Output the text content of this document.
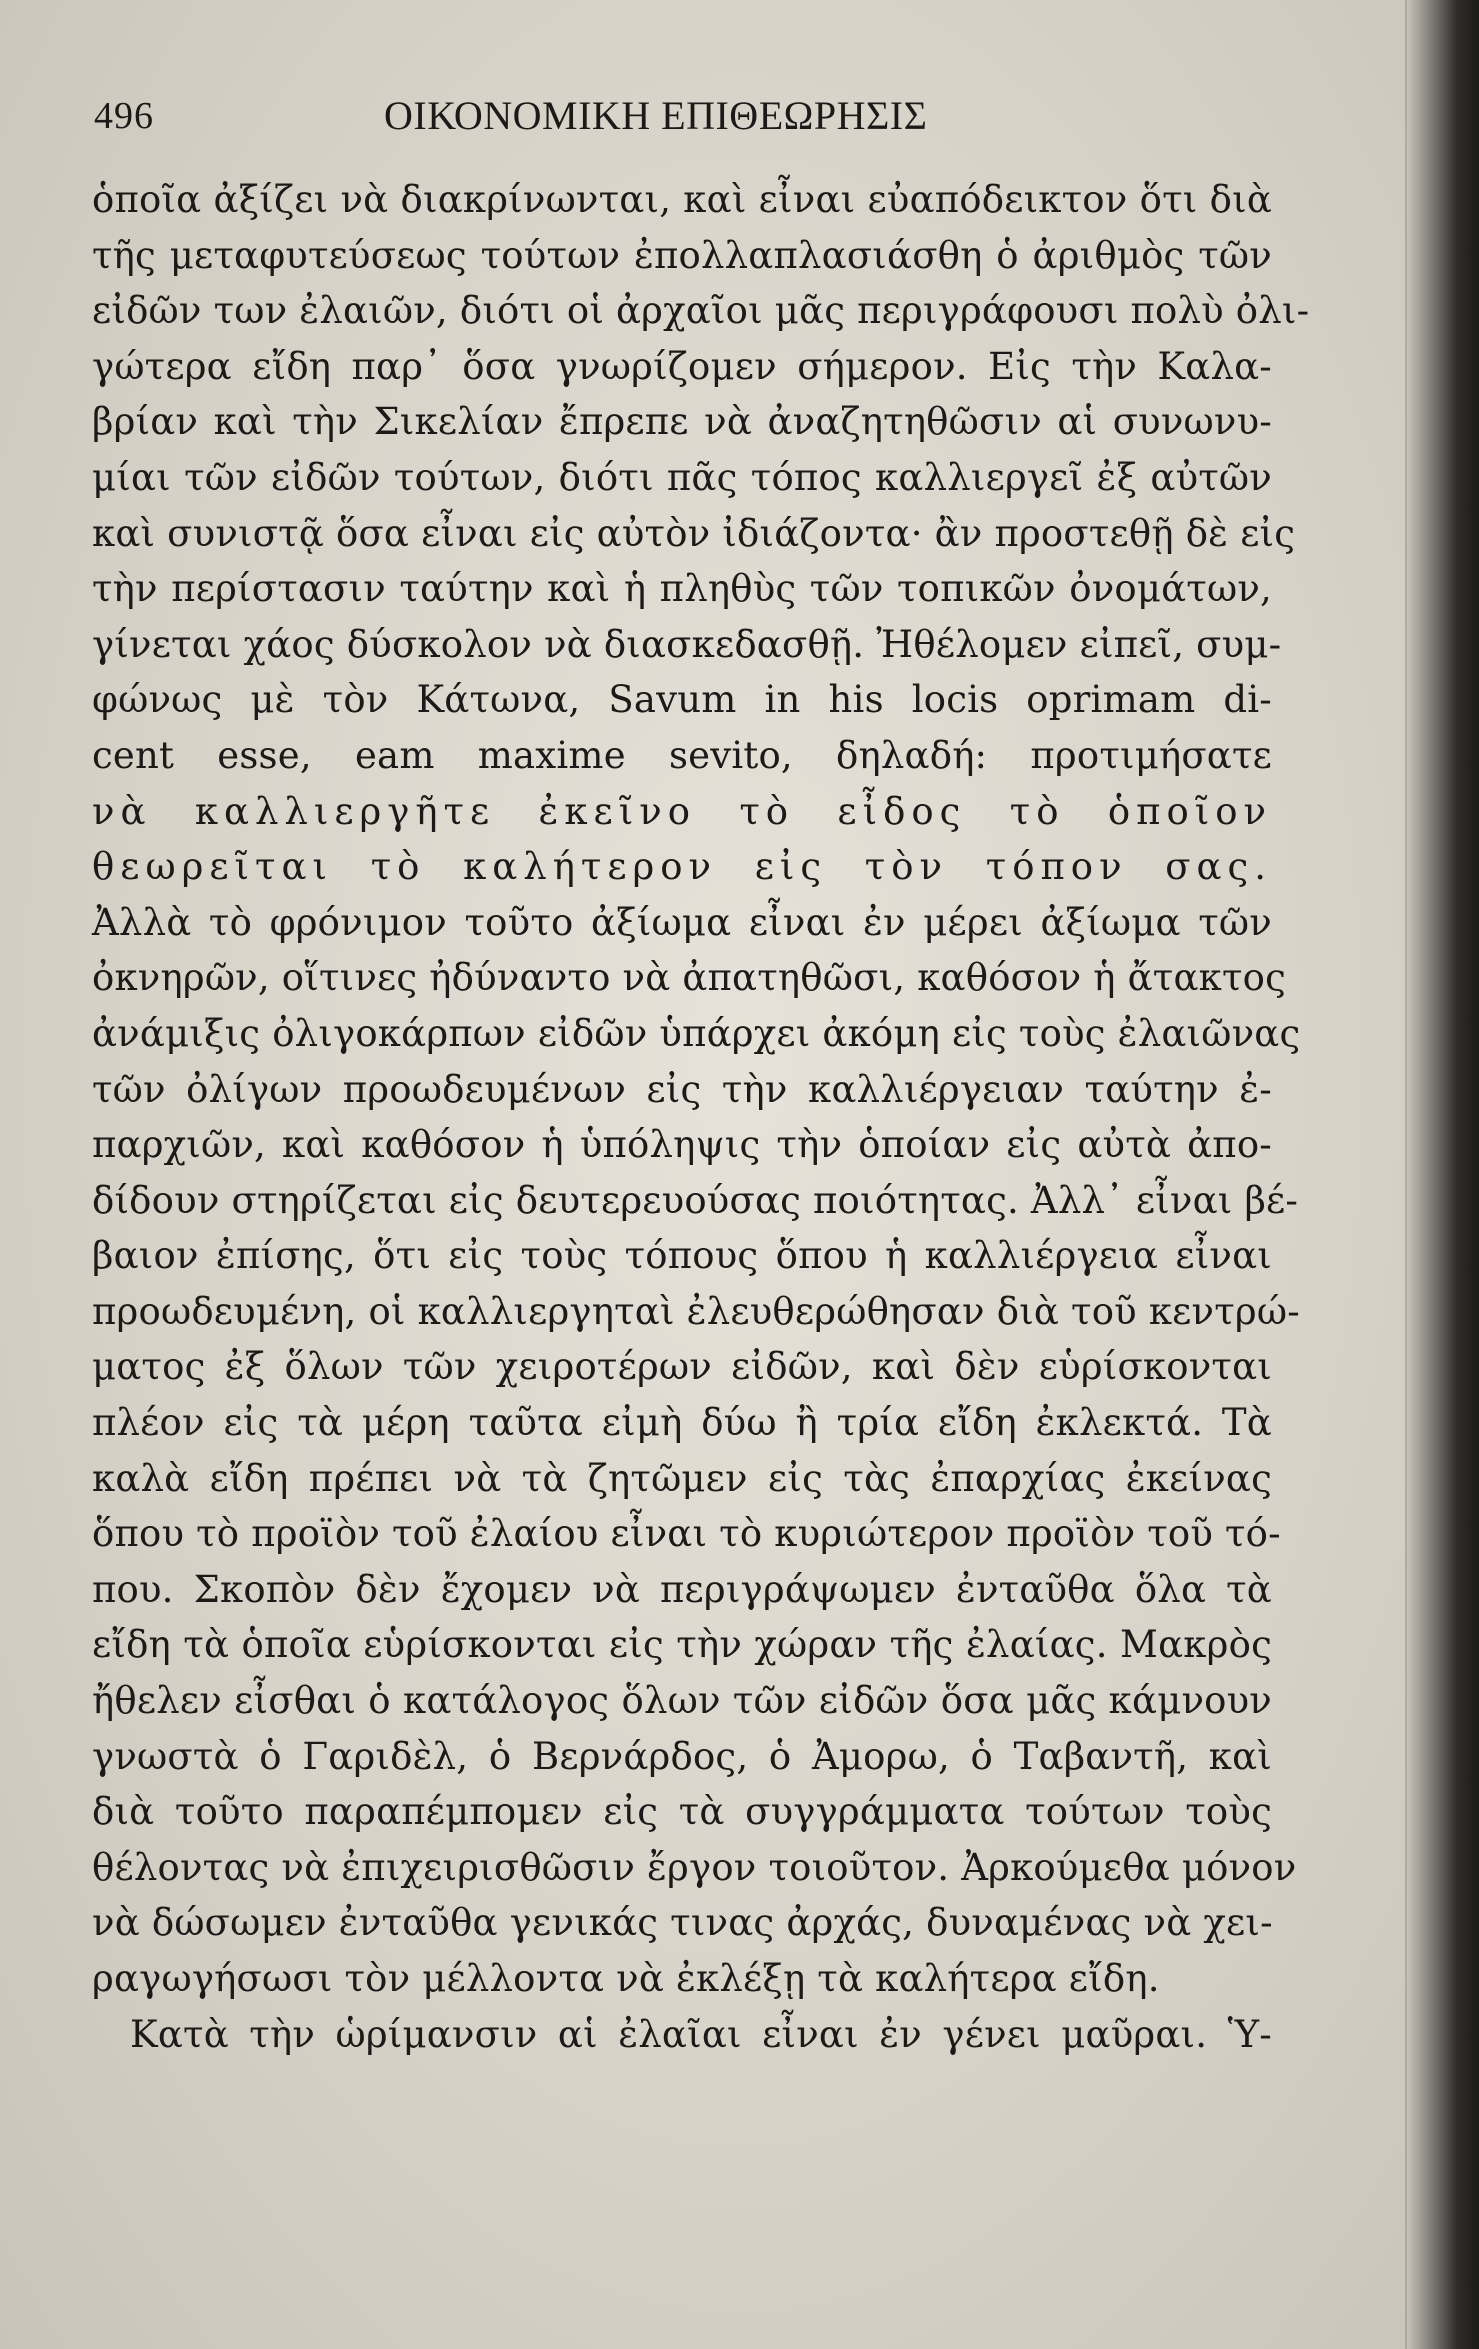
496	ΟΙΚΟΝΟΜΙΚΗ ΕΠΙΘΕΩΡΗΣΙΣ
ὁποῖα ἀξίζει νὰ διακρίνωνται, καὶ εἶναι εὐαπόδεικτον ὅτι διὰ
τῆς μεταφυτεύσεως τούτων ἐπολλαπλασιάσθη ὁ ἀριθμὸς τῶν
εἰδῶν των ἐλαιῶν, διότι οἱ ἀρχαῖοι μᾶς περιγράφουσι πολὺ ὀλι-
γώτερα εἴδη παρ᾽ ὅσα γνωρίζομεν σήμερον. Εἰς τὴν Καλα-
βρίαν καὶ τὴν Σικελίαν ἔπρεπε νὰ ἀναζητηθῶσιν αἱ συνωνυ-
μίαι τῶν εἰδῶν τούτων, διότι πᾶς τόπος καλλιεργεῖ ἐξ αὐτῶν
καὶ συνιστᾷ ὅσα εἶναι εἰς αὐτὸν ἰδιάζοντα· ἂν προστεθῇ δὲ εἰς
τὴν περίστασιν ταύτην καὶ ἡ πληθὺς τῶν τοπικῶν ὀνομάτων,
γίνεται χάος δύσκολον νὰ διασκεδασθῇ. Ἠθέλομεν εἰπεῖ, συμ-
φώνως μὲ τὸν Κάτωνα, Savum in his locis oprimam di-
cent esse, eam maxime sevito, δηλαδή: προτιμήσατε
νὰ καλλιεργῆτε ἐκεῖνο τὸ εἶδος τὸ ὁποῖον
θεωρεῖται τὸ καλήτερον εἰς τὸν τόπον σας.
Ἀλλὰ τὸ φρόνιμον τοῦτο ἀξίωμα εἶναι ἐν μέρει ἀξίωμα τῶν
ὀκνηρῶν, οἵτινες ἠδύναντο νὰ ἀπατηθῶσι, καθόσον ἡ ἄτακτος
ἀνάμιξις ὀλιγοκάρπων εἰδῶν ὑπάρχει ἀκόμη εἰς τοὺς ἐλαιῶνας
τῶν ὀλίγων προωδευμένων εἰς τὴν καλλιέργειαν ταύτην ἐ-
παρχιῶν, καὶ καθόσον ἡ ὑπόληψις τὴν ὁποίαν εἰς αὐτὰ ἀπο-
δίδουν στηρίζεται εἰς δευτερευούσας ποιότητας. Ἀλλ᾽ εἶναι βέ-
βαιον ἐπίσης, ὅτι εἰς τοὺς τόπους ὅπου ἡ καλλιέργεια εἶναι
προωδευμένη, οἱ καλλιεργηταὶ ἐλευθερώθησαν διὰ τοῦ κεντρώ-
ματος ἐξ ὅλων τῶν χειροτέρων εἰδῶν, καὶ δὲν εὑρίσκονται
πλέον εἰς τὰ μέρη ταῦτα εἰμὴ δύω ἢ τρία εἴδη ἐκλεκτά. Τὰ
καλὰ εἴδη πρέπει νὰ τὰ ζητῶμεν εἰς τὰς ἐπαρχίας ἐκείνας
ὅπου τὸ προϊὸν τοῦ ἐλαίου εἶναι τὸ κυριώτερον προϊὸν τοῦ τό-
που. Σκοπὸν δὲν ἔχομεν νὰ περιγράψωμεν ἐνταῦθα ὅλα τὰ
εἴδη τὰ ὁποῖα εὑρίσκονται εἰς τὴν χώραν τῆς ἐλαίας. Μακρὸς
ἤθελεν εἶσθαι ὁ κατάλογος ὅλων τῶν εἰδῶν ὅσα μᾶς κάμνουν
γνωστὰ ὁ Γαριδὲλ, ὁ Βερνάρδος, ὁ Ἀμορω, ὁ Ταβαντῆ, καὶ
διὰ τοῦτο παραπέμπομεν εἰς τὰ συγγράμματα τούτων τοὺς
θέλοντας νὰ ἐπιχειρισθῶσιν ἔργον τοιοῦτον. Ἀρκούμεθα μόνον
νὰ δώσωμεν ἐνταῦθα γενικάς τινας ἀρχάς, δυναμένας νὰ χει-
ραγωγήσωσι τὸν μέλλοντα νὰ ἐκλέξῃ τὰ καλήτερα εἴδη.
Κατὰ τὴν ὡρίμανσιν αἱ ἐλαῖαι εἶναι ἐν γένει μαῦραι. Ὑ-
